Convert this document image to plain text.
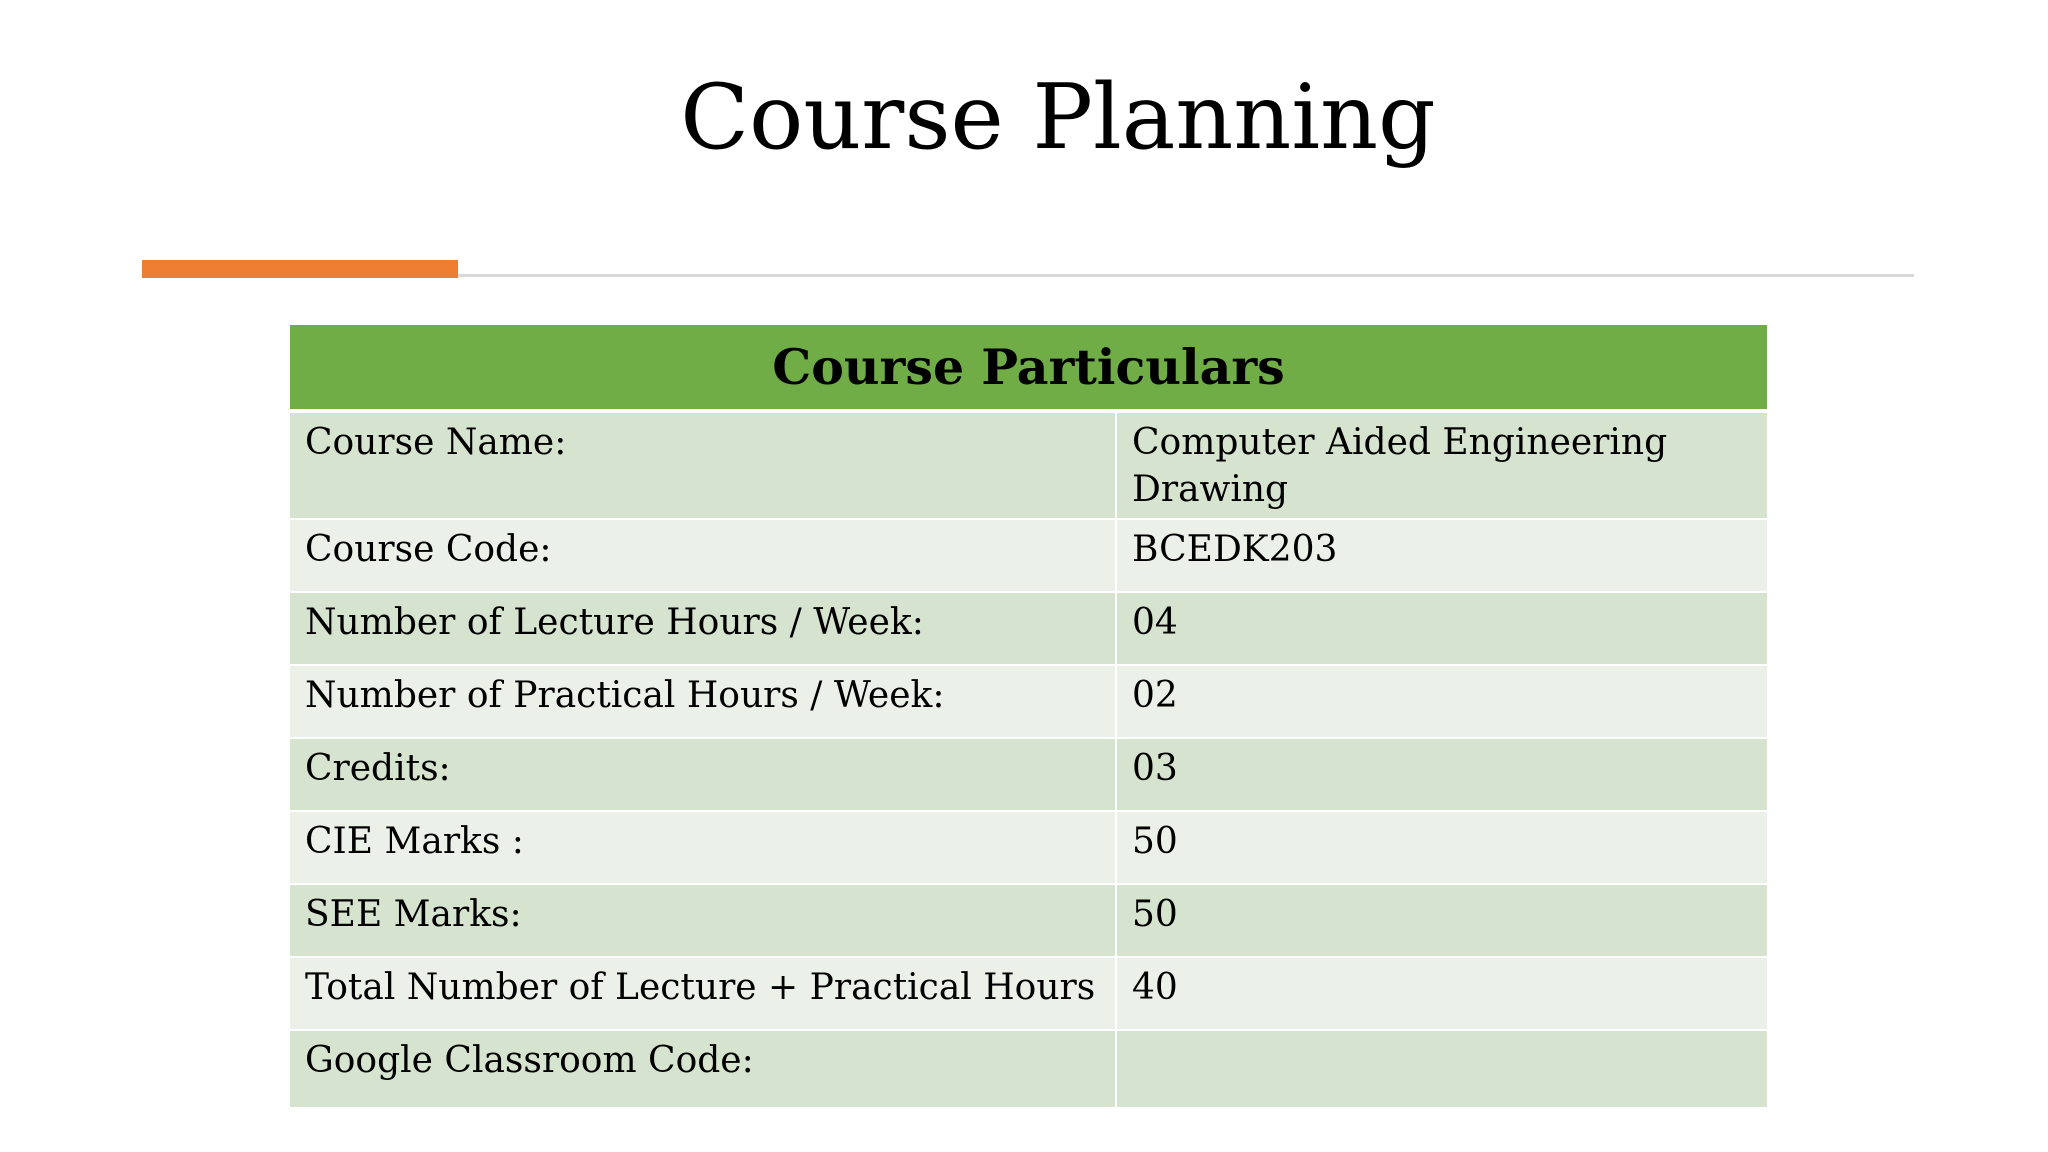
Course Planning
Course Particulars	
Course Name:	Computer Aided Engineering Drawing
Course Code:	BCEDK203
Number of Lecture Hours / Week:	04
Number of Practical Hours / Week:	02
Credits:	03
CIE Marks :	50
SEE Marks:	50
Total Number of Lecture + Practical Hours	40
Google Classroom Code:	
